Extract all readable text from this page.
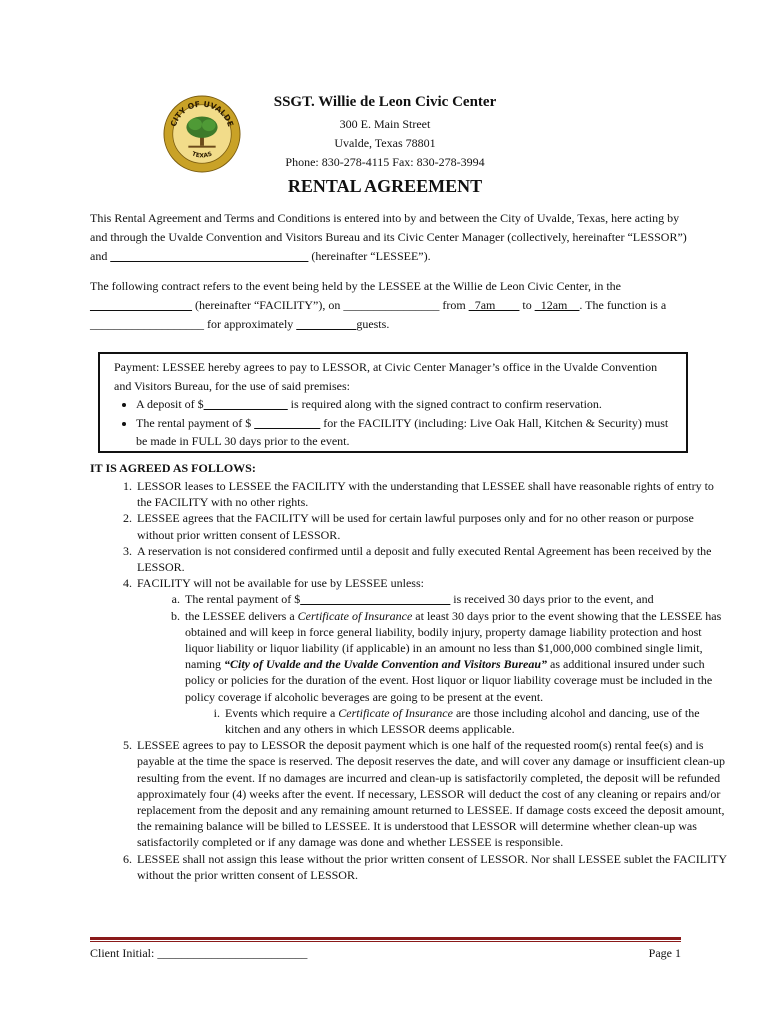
CITY OF UVALDE
TEXAS
SSGT. Willie de Leon Civic Center
300 E. Main Street
Uvalde, Texas 78801
Phone: 830-278-4115 Fax: 830-278-3994
RENTAL AGREEMENT
This Rental Agreement and Terms and Conditions is entered into by and between the City of Uvalde, Texas, here acting by and through the Uvalde Convention and Visitors Bureau and its Civic Center Manager (collectively, hereinafter “LESSOR”) and _________________________________ (hereinafter “LESSEE”).
The following contract refers to the event being held by the LESSEE at the Willie de Leon Civic Center, in the _________________ (hereinafter “FACILITY”), on ________________ from _7am____ to _12am__. The function is a ___________________ for approximately __________guests.
Payment: LESSEE hereby agrees to pay to LESSOR, at Civic Center Manager’s office in the Uvalde Convention and Visitors Bureau, for the use of said premises:
• A deposit of $______________ is required along with the signed contract to confirm reservation.
• The rental payment of $ ___________ for the FACILITY (including: Live Oak Hall, Kitchen & Security) must be made in FULL 30 days prior to the event.
IT IS AGREED AS FOLLOWS:
1. LESSOR leases to LESSEE the FACILITY with the understanding that LESSEE shall have reasonable rights of entry to the FACILITY with no other rights.
2. LESSEE agrees that the FACILITY will be used for certain lawful purposes only and for no other reason or purpose without prior written consent of LESSOR.
3. A reservation is not considered confirmed until a deposit and fully executed Rental Agreement has been received by the LESSOR.
4. FACILITY will not be available for use by LESSEE unless:
a. The rental payment of $_________________________ is received 30 days prior to the event, and
b. the LESSEE delivers a Certificate of Insurance at least 30 days prior to the event showing that the LESSEE has obtained and will keep in force general liability, bodily injury, property damage liability protection and host liquor liability or liquor liability (if applicable) in an amount no less than $1,000,000 combined single limit, naming “City of Uvalde and the Uvalde Convention and Visitors Bureau” as additional insured under such policy or policies for the duration of the event. Host liquor or liquor liability coverage must be included in the policy coverage if alcoholic beverages are going to be present at the event.
i. Events which require a Certificate of Insurance are those including alcohol and dancing, use of the kitchen and any others in which LESSOR deems applicable.
5. LESSEE agrees to pay to LESSOR the deposit payment which is one half of the requested room(s) rental fee(s) and is payable at the time the space is reserved. The deposit reserves the date, and will cover any damage or insufficient clean-up resulting from the event. If no damages are incurred and clean-up is satisfactorily completed, the deposit will be refunded approximately four (4) weeks after the event. If necessary, LESSOR will deduct the cost of any cleaning or repairs and/or replacement from the deposit and any remaining amount returned to LESSEE. If damage costs exceed the deposit amount, the remaining balance will be billed to LESSEE. It is understood that LESSOR will determine whether clean-up was satisfactorily completed or if any damage was done and whether LESSEE is responsible.
6. LESSEE shall not assign this lease without the prior written consent of LESSOR. Nor shall LESSEE sublet the FACILITY without the prior written consent of LESSOR.
Client Initial: _________________________	Page 1
